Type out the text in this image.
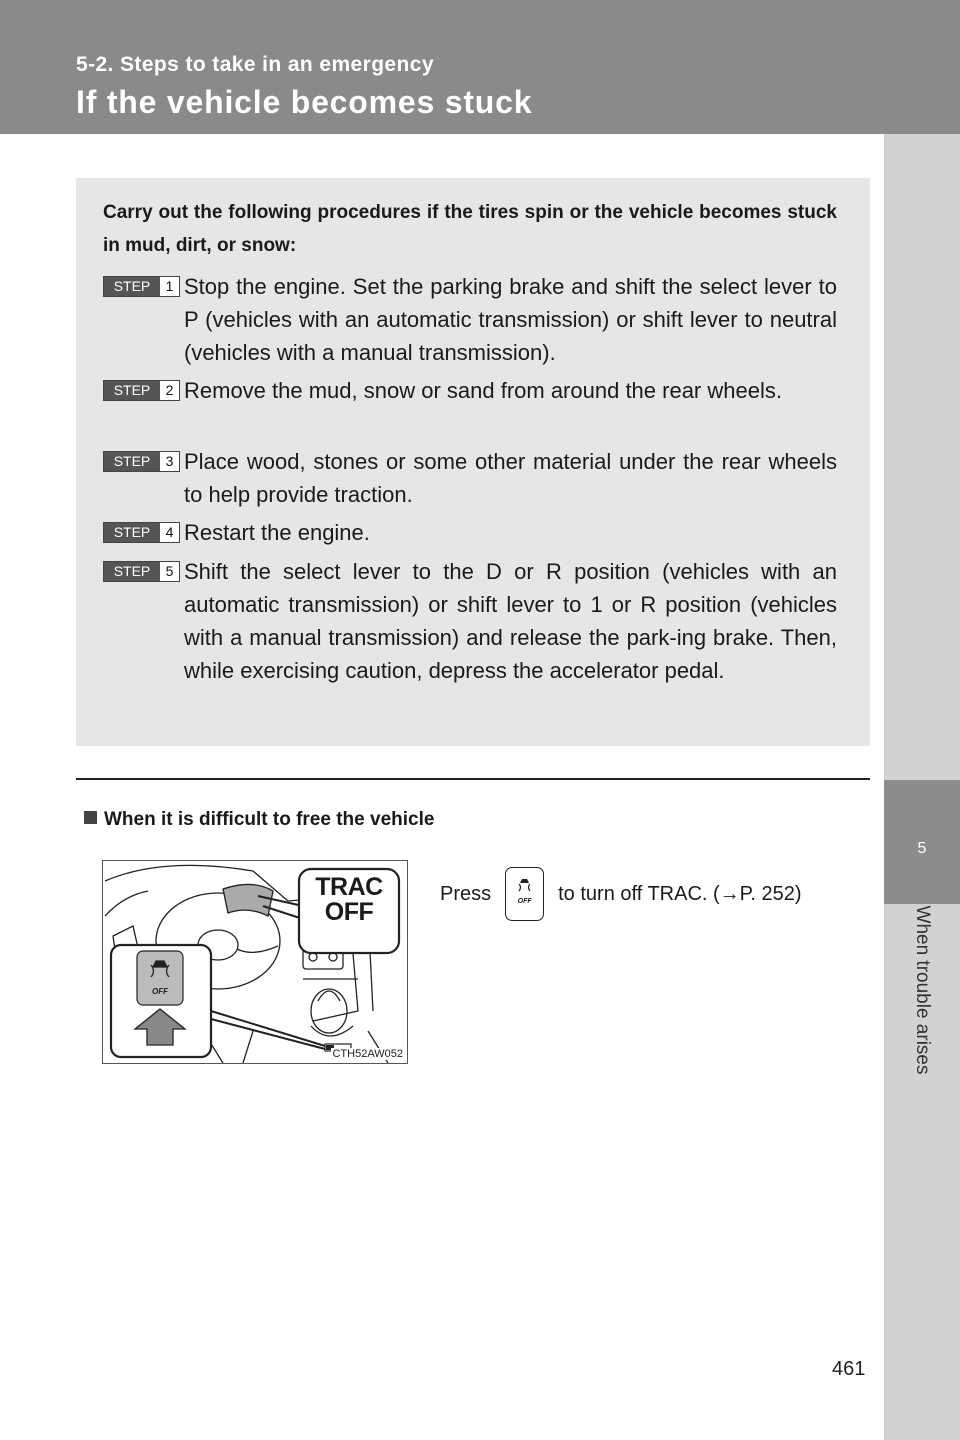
5-2. Steps to take in an emergency
If the vehicle becomes stuck
5
When trouble arises
Carry out the following procedures if the tires spin or the vehicle becomes stuck in mud, dirt, or snow:
STEP	1 Stop the engine. Set the parking brake and shift the select lever to P (vehicles with an automatic transmission) or shift lever to neutral (vehicles with a manual transmission).
STEP	2 Remove the mud, snow or sand from around the rear wheels.
STEP	3 Place wood, stones or some other material under the rear wheels to help provide traction.
STEP	4 Restart the engine.
STEP	5 Shift the select lever to the D or R position (vehicles with an automatic transmission) or shift lever to 1 or R position (vehicles with a manual transmission) and release the park-ing brake. Then, while exercising caution, depress the accelerator pedal.
When it is difficult to free the vehicle
TRAC
OFF
OFF
CTH52AW052
Press	OFF	to turn off TRAC. (→P. 252)
461
